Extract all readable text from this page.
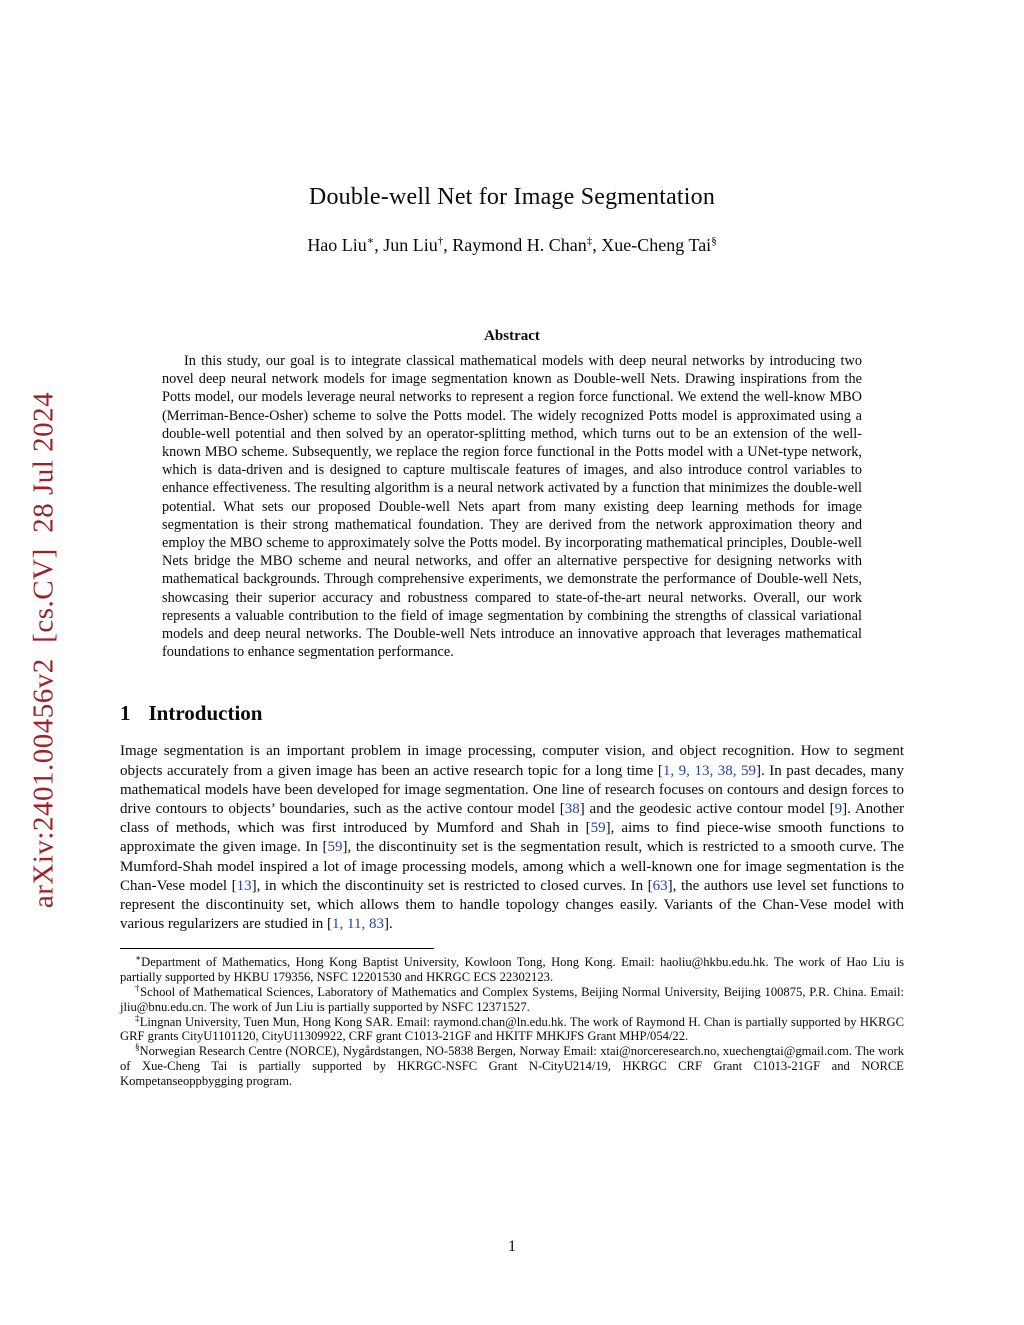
arXiv:2401.00456v2  [cs.CV]  28 Jul 2024
Double-well Net for Image Segmentation
Hao Liu∗, Jun Liu†, Raymond H. Chan‡, Xue-Cheng Tai§
Abstract

In this study, our goal is to integrate classical mathematical models with deep neural networks by introducing two novel deep neural network models for image segmentation known as Double-well Nets. Drawing inspirations from the Potts model, our models leverage neural networks to represent a region force functional. We extend the well-know MBO (Merriman-Bence-Osher) scheme to solve the Potts model. The widely recognized Potts model is approximated using a double-well potential and then solved by an operator-splitting method, which turns out to be an extension of the well-known MBO scheme. Subsequently, we replace the region force functional in the Potts model with a UNet-type network, which is data-driven and is designed to capture multiscale features of images, and also introduce control variables to enhance effectiveness. The resulting algorithm is a neural network activated by a function that minimizes the double-well potential. What sets our proposed Double-well Nets apart from many existing deep learning methods for image segmentation is their strong mathematical foundation. They are derived from the network approximation theory and employ the MBO scheme to approximately solve the Potts model. By incorporating mathematical principles, Double-well Nets bridge the MBO scheme and neural networks, and offer an alternative perspective for designing networks with mathematical backgrounds. Through comprehensive experiments, we demonstrate the performance of Double-well Nets, showcasing their superior accuracy and robustness compared to state-of-the-art neural networks. Overall, our work represents a valuable contribution to the field of image segmentation by combining the strengths of classical variational models and deep neural networks. The Double-well Nets introduce an innovative approach that leverages mathematical foundations to enhance segmentation performance.

1 Introduction

Image segmentation is an important problem in image processing, computer vision, and object recognition. How to segment objects accurately from a given image has been an active research topic for a long time [1, 9, 13, 38, 59]. In past decades, many mathematical models have been developed for image segmentation. One line of research focuses on contours and design forces to drive contours to objects’ boundaries, such as the active contour model [38] and the geodesic active contour model [9]. Another class of methods, which was first introduced by Mumford and Shah in [59], aims to find piece-wise smooth functions to approximate the given image. In [59], the discontinuity set is the segmentation result, which is restricted to a smooth curve. The Mumford-Shah model inspired a lot of image processing models, among which a well-known one for image segmentation is the Chan-Vese model [13], in which the discontinuity set is restricted to closed curves. In [63], the authors use level set functions to represent the discontinuity set, which allows them to handle topology changes easily. Variants of the Chan-Vese model with various regularizers are studied in [1, 11, 83].

∗Department of Mathematics, Hong Kong Baptist University, Kowloon Tong, Hong Kong. Email: haoliu@hkbu.edu.hk. The work of Hao Liu is partially supported by HKBU 179356, NSFC 12201530 and HKRGC ECS 22302123.

†School of Mathematical Sciences, Laboratory of Mathematics and Complex Systems, Beijing Normal University, Beijing 100875, P.R. China. Email: jliu@bnu.edu.cn. The work of Jun Liu is partially supported by NSFC 12371527.

‡Lingnan University, Tuen Mun, Hong Kong SAR. Email: raymond.chan@ln.edu.hk. The work of Raymond H. Chan is partially supported by HKRGC GRF grants CityU1101120, CityU11309922, CRF grant C1013-21GF and HKITF MHKJFS Grant MHP/054/22.

§Norwegian Research Centre (NORCE), Nygårdstangen, NO-5838 Bergen, Norway Email: xtai@norceresearch.no, xuechengtai@gmail.com. The work of Xue-Cheng Tai is partially supported by HKRGC-NSFC Grant N-CityU214/19, HKRGC CRF Grant C1013-21GF and NORCE Kompetanseoppbygging program.

1
